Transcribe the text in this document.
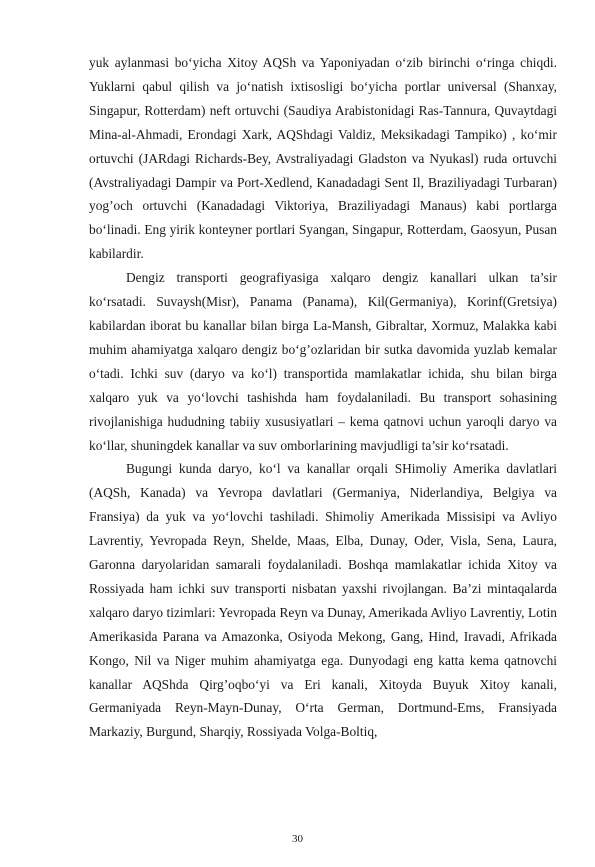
yuk aylanmasi bo‘yicha Xitoy AQSh va Yaponiyadan o‘zib birinchi o‘ringa chiqdi. Yuklarni qabul qilish va jo‘natish ixtisosligi bo‘yicha portlar universal (Shanxay, Singapur, Rotterdam) neft ortuvchi (Saudiya Arabistonidagi Ras-Tannura, Quvaytdagi Mina-al-Ahmadi, Erondagi Xark, AQShdagi Valdiz, Meksikadagi Tampiko) , ko‘mir ortuvchi (JARdagi Richards-Bey, Avstraliyadagi Gladston va Nyukasl) ruda ortuvchi (Avstraliyadagi Dampir va Port-Xedlend, Kanadadagi Sent Il, Braziliyadagi Turbaran) yog’och ortuvchi (Kanadadagi Viktoriya, Braziliyadagi Manaus) kabi portlarga bo‘linadi. Eng yirik konteyner portlari Syangan, Singapur, Rotterdam, Gaosyun, Pusan kabilardir.

Dengiz transporti geografiyasiga xalqaro dengiz kanallari ulkan ta’sir ko‘rsatadi. Suvaysh(Misr), Panama (Panama), Kil(Germaniya), Korinf(Gretsiya) kabilardan iborat bu kanallar bilan birga La-Mansh, Gibraltar, Xormuz, Malakka kabi muhim ahamiyatga xalqaro dengiz bo‘g’ozlaridan bir sutka davomida yuzlab kemalar o‘tadi. Ichki suv (daryo va ko‘l) transportida mamlakatlar ichida, shu bilan birga xalqaro yuk va yo‘lovchi tashishda ham foydalaniladi. Bu transport sohasining rivojlanishiga hududning tabiiy xususiyatlari – kema qatnovi uchun yaroqli daryo va ko‘llar, shuningdek kanallar va suv omborlarining mavjudligi ta’sir ko‘rsatadi.

Bugungi kunda daryo, ko‘l va kanallar orqali SHimoliy Amerika davlatlari (AQSh, Kanada) va Yevropa davlatlari (Germaniya, Niderlandiya, Belgiya va Fransiya) da yuk va yo‘lovchi tashiladi. Shimoliy Amerikada Missisipi va Avliyo Lavrentiy, Yevropada Reyn, Shelde, Maas, Elba, Dunay, Oder, Visla, Sena, Laura, Garonna daryolaridan samarali foydalaniladi. Boshqa mamlakatlar ichida Xitoy va Rossiyada ham ichki suv transporti nisbatan yaxshi rivojlangan. Ba’zi mintaqalarda xalqaro daryo tizimlari: Yevropada Reyn va Dunay, Amerikada Avliyo Lavrentiy, Lotin Amerikasida Parana va Amazonka, Osiyoda Mekong, Gang, Hind, Iravadi, Afrikada Kongo, Nil va Niger muhim ahamiyatga ega. Dunyodagi eng katta kema qatnovchi kanallar AQShda Qirg’oqbo‘yi va Eri kanali, Xitoyda Buyuk Xitoy kanali, Germaniyada Reyn-Mayn-Dunay, O‘rta German, Dortmund-Ems, Fransiyada Markaziy, Burgund, Sharqiy, Rossiyada Volga-Boltiq,

30
